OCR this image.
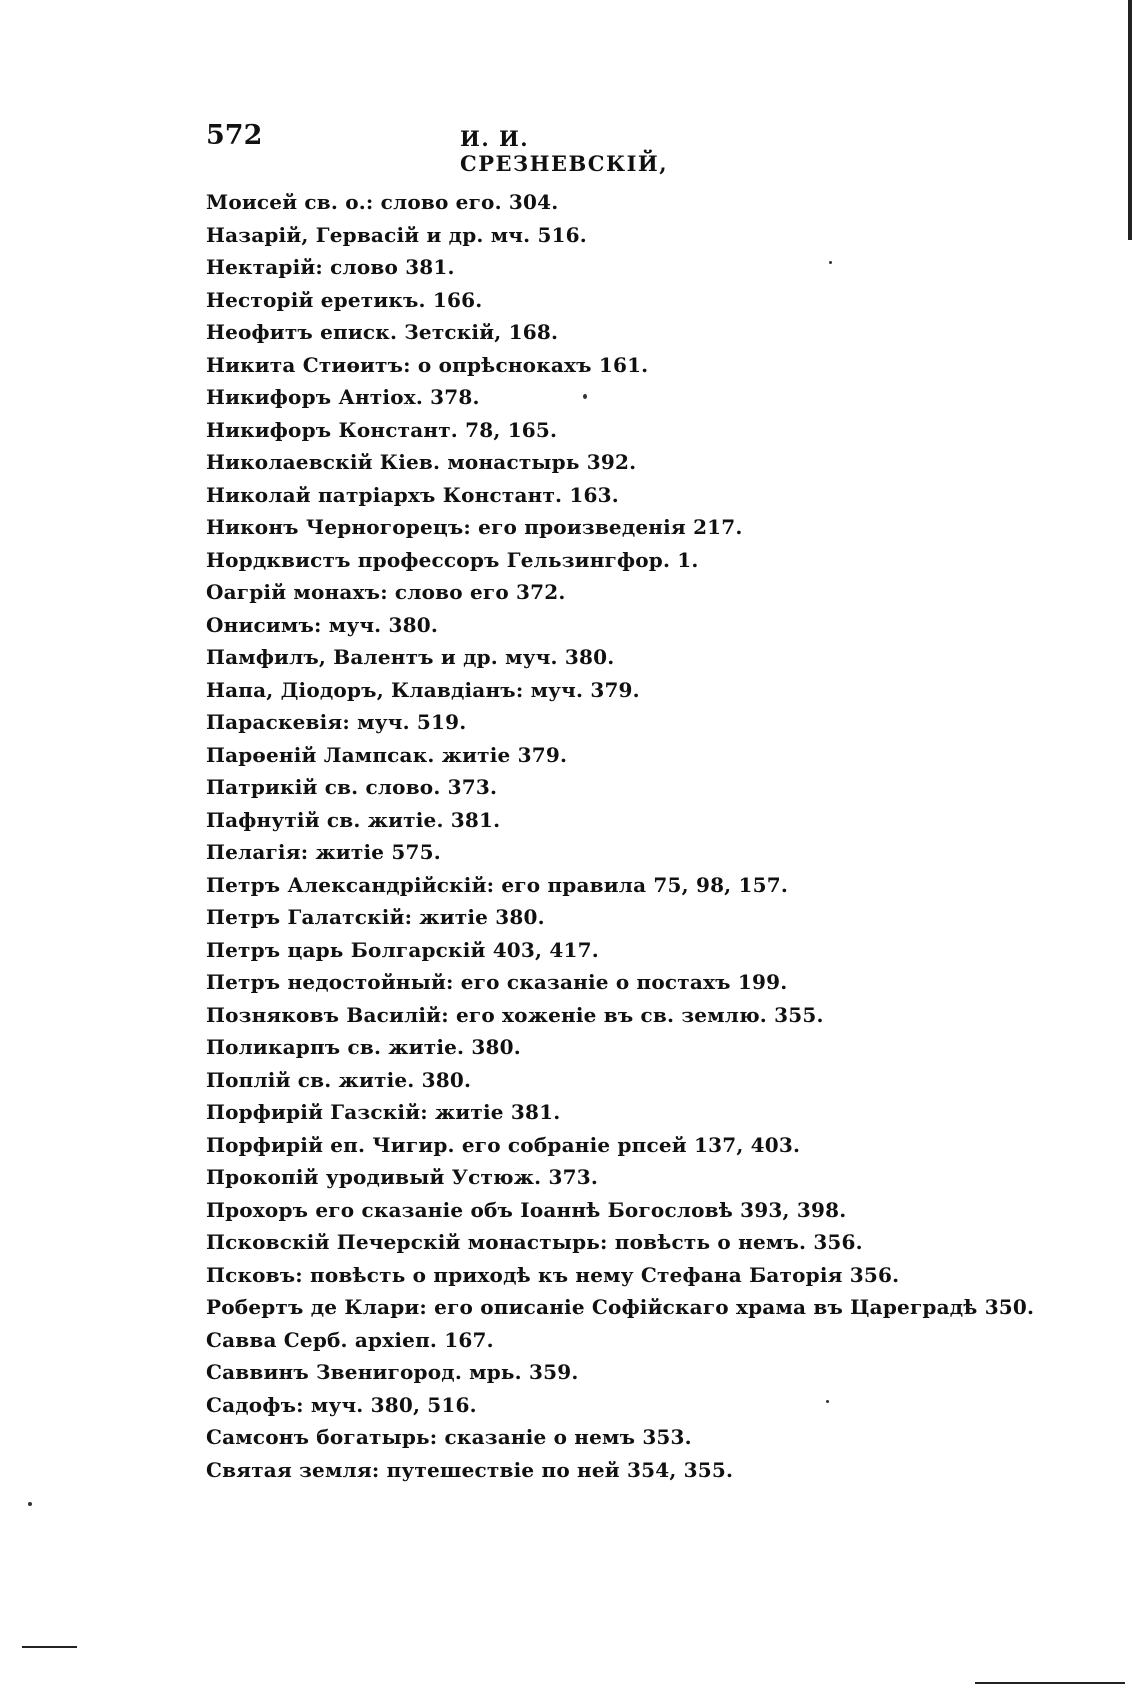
572	И. И. СРЕЗНЕВСКІЙ,
Моисей св. о.: слово его. 304.
Назарій, Гервасій и др. мч. 516.
Нектарій: слово 381.
Несторій еретикъ. 166.
Неофитъ еписк. Зетскій, 168.
Никита Стиөитъ: о опрѣснокахъ 161.
Никифоръ Антіох. 378.
Никифоръ Констант. 78, 165.
Николаевскій Кіев. монастырь 392.
Николай патріархъ Констант. 163.
Никонъ Черногорецъ: его произведенія 217.
Нордквистъ профессоръ Гельзингфор. 1.
Оагрій монахъ: слово его 372.
Онисимъ: муч. 380.
Памфилъ, Валентъ и др. муч. 380.
Напа, Діодоръ, Клавдіанъ: муч. 379.
Параскевія: муч. 519.
Парөеній Лампсак. житіе 379.
Патрикій св. слово. 373.
Пафнутій св. житіе. 381.
Пелагія: житіе 575.
Петръ Александрійскій: его правила 75, 98, 157.
Петръ Галатскій: житіе 380.
Петръ царь Болгарскій 403, 417.
Петръ недостойный: его сказаніе о постахъ 199.
Позняковъ Василій: его хоженіе въ св. землю. 355.
Поликарпъ св. житіе. 380.
Поплій св. житіе. 380.
Порфирій Газскій: житіе 381.
Порфирій еп. Чигир. его собраніе рпсей 137, 403.
Прокопій уродивый Устюж. 373.
Прохоръ его сказаніе объ Іоаннѣ Богословѣ 393, 398.
Псковскій Печерскій монастырь: повѣсть о немъ. 356.
Псковъ: повѣсть о приходѣ къ нему Стефана Баторія 356.
Робертъ де Клари: его описаніе Софійскаго храма въ Цареградѣ 350.
Савва Серб. архіеп. 167.
Саввинъ Звенигород. мрь. 359.
Садофъ: муч. 380, 516.
Самсонъ богатырь: сказаніе о немъ 353.
Святая земля: путешествіе по ней 354, 355.
